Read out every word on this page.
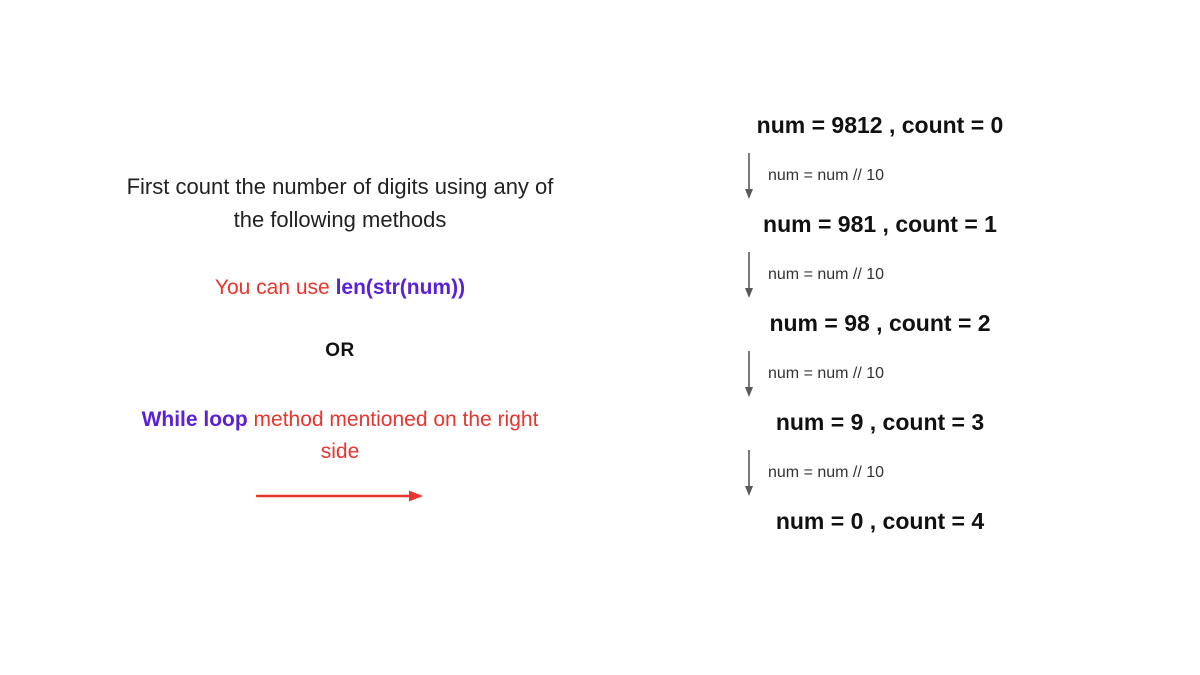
First count the number of digits using any of the following methods
You can use len(str(num))
OR
While loop method mentioned on the right side
num = 9812 , count = 0
num = num // 10
num = 981 , count = 1
num = num // 10
num = 98 , count = 2
num = num // 10
num = 9 , count = 3
num = num // 10
num = 0 , count = 4
